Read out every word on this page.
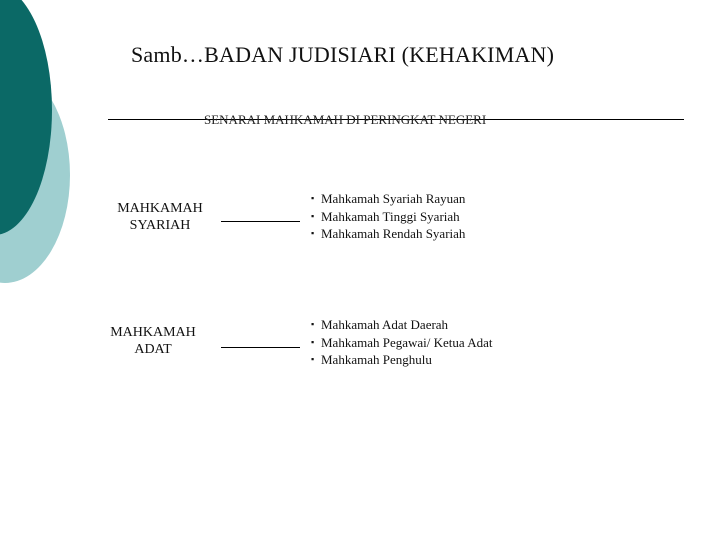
Samb…BADAN JUDISIARI (KEHAKIMAN)
SENARAI MAHKAMAH DI PERINGKAT NEGERI
MAHKAMAH
SYARIAH
▪ Mahkamah Syariah Rayuan
▪ Mahkamah Tinggi Syariah
▪ Mahkamah Rendah Syariah
MAHKAMAH
ADAT
▪ Mahkamah Adat Daerah
▪ Mahkamah Pegawai/ Ketua Adat
▪ Mahkamah Penghulu
